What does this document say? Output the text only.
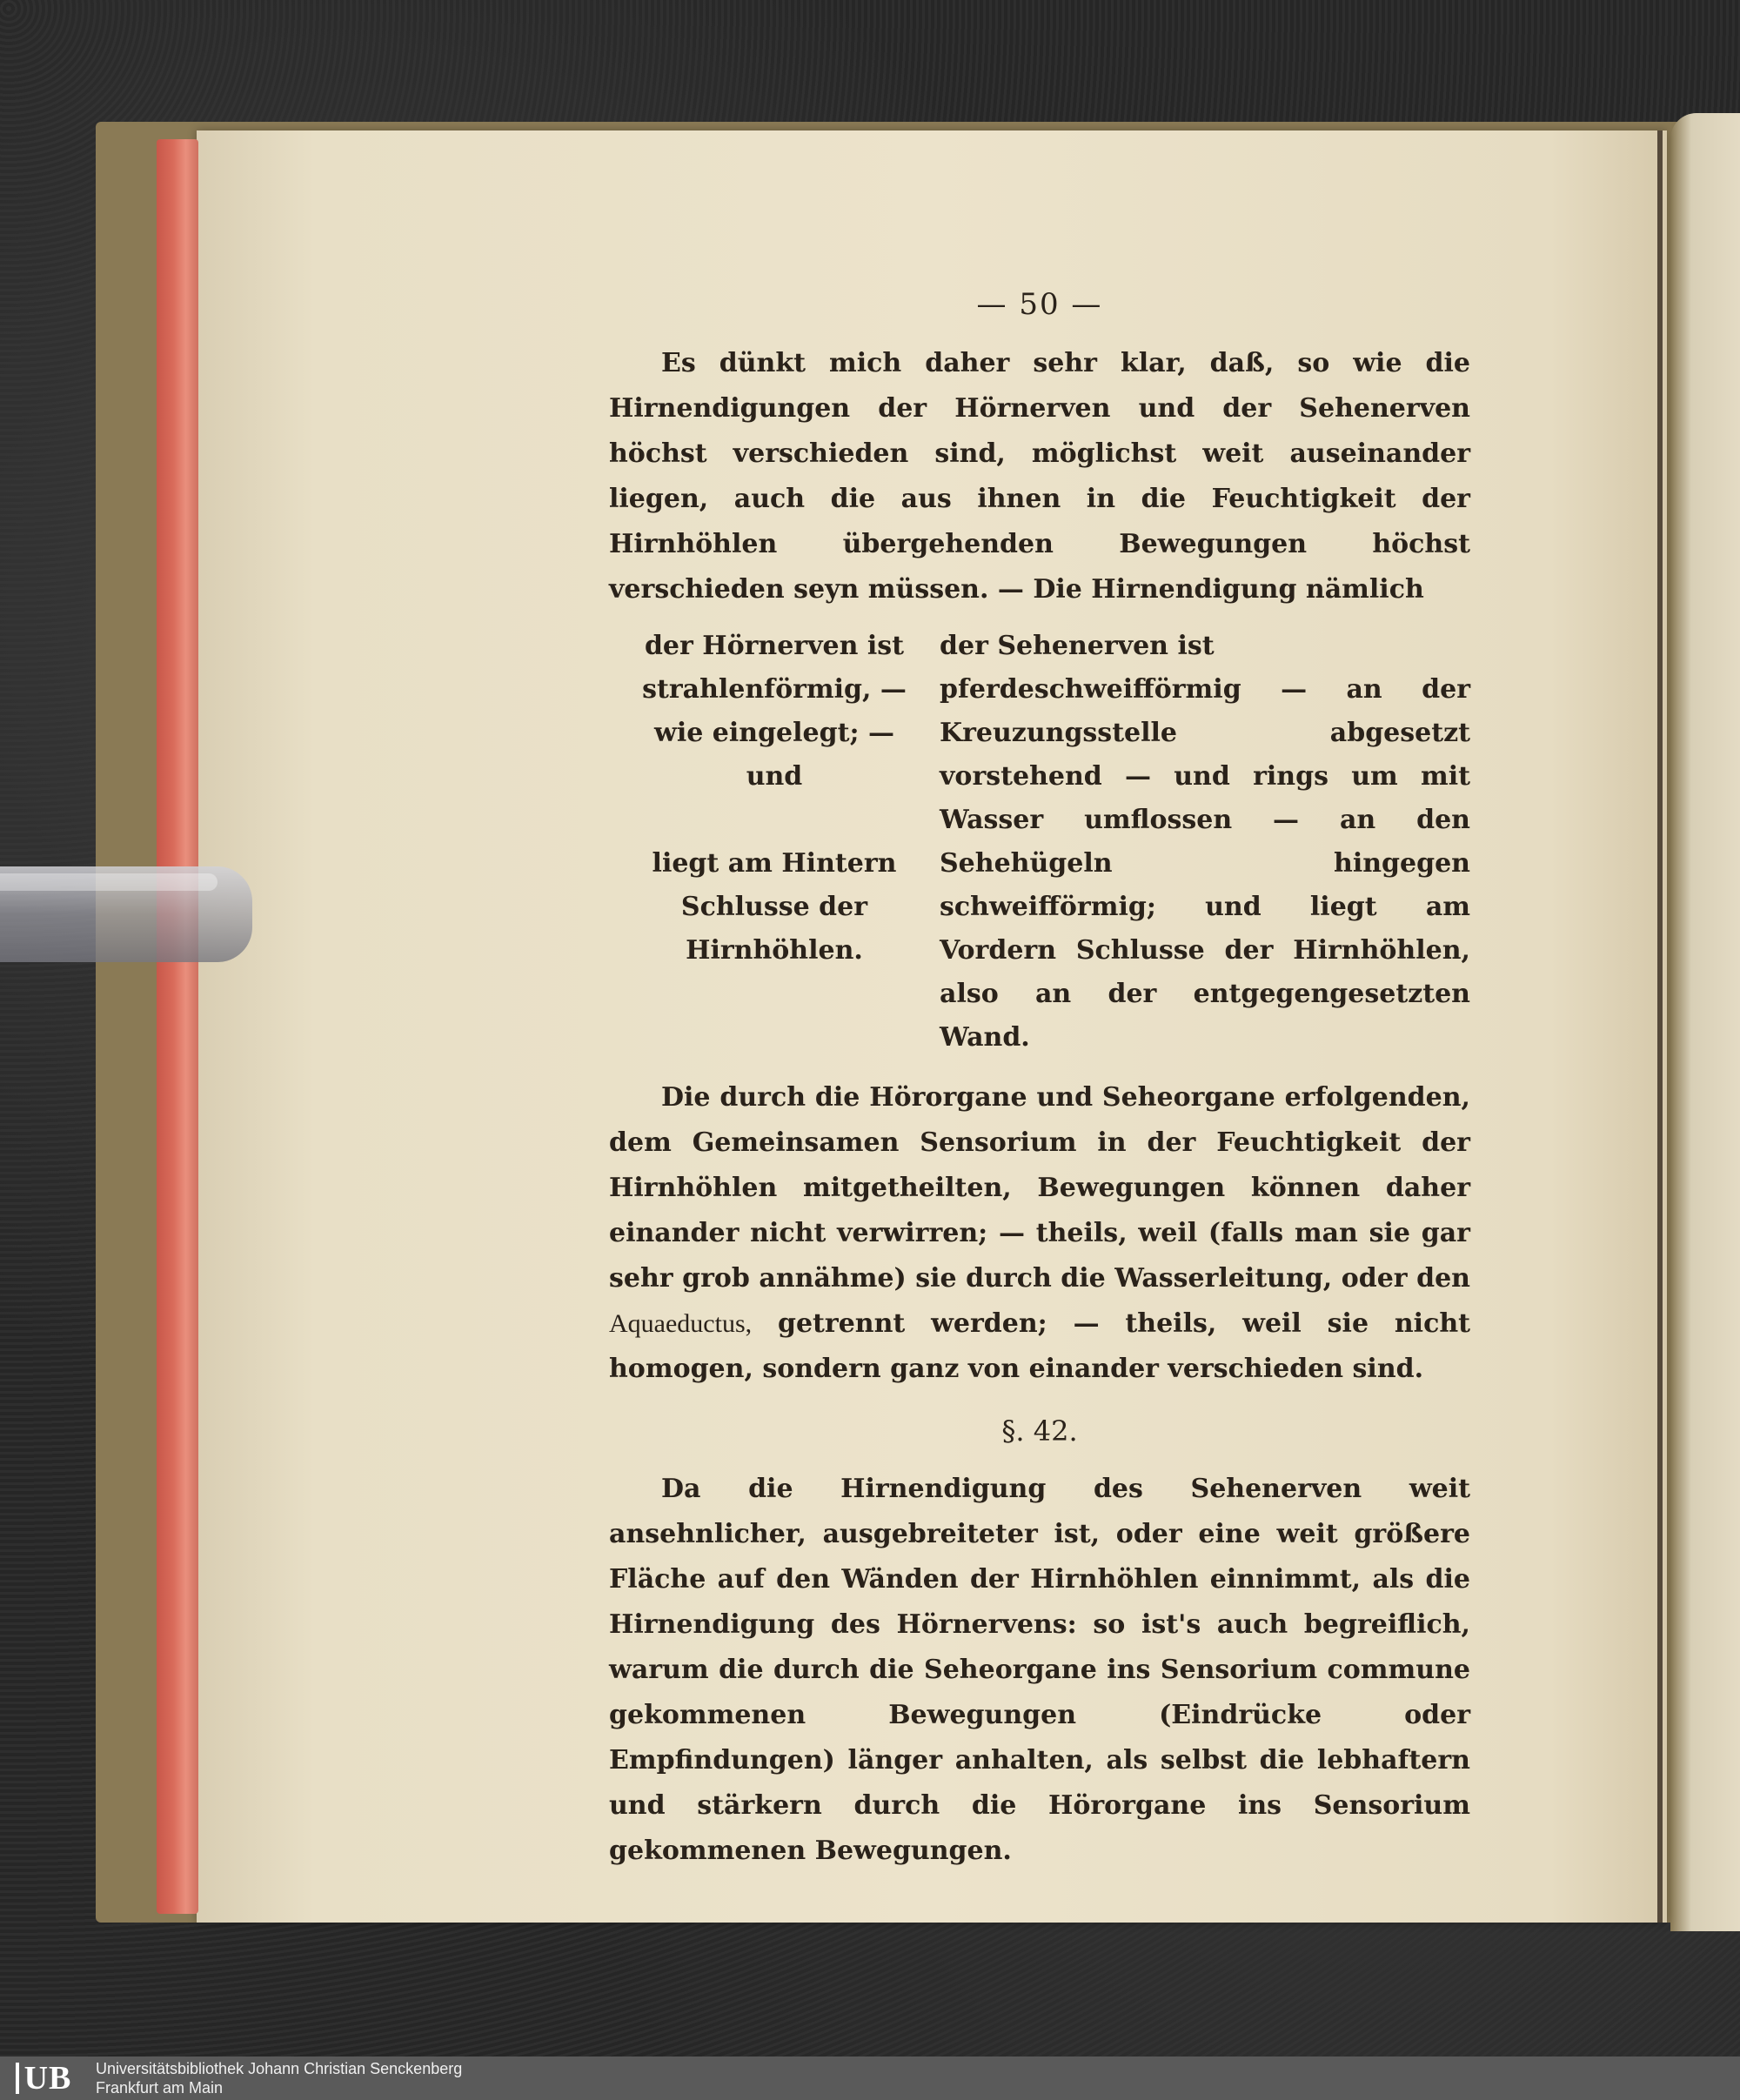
— 50 —

Es dünkt mich daher sehr klar, daß, so wie die Hirnendigungen der Hörnerven und der Sehenerven höchst verschieden sind, möglichst weit auseinander liegen, auch die aus ihnen in die Feuchtigkeit der Hirnhöhlen übergehenden Bewegungen höchst verschieden seyn müssen. — Die Hirnendigung nämlich

der Hörnerven ist
strahlenförmig, —
wie eingelegt; —
und
liegt am Hintern
Schlusse der Hirnhöhlen.
der Sehenerven ist
pferdeschweifförmig — an der Kreuzungsstelle abgesetzt vorstehend — und rings um mit Wasser umflossen — an den Sehehügeln hingegen schweifförmig; und liegt am Vordern Schlusse der Hirnhöhlen, also an der entgegengesetzten Wand.

Die durch die Hörorgane und Seheorgane erfolgenden, dem Gemeinsamen Sensorium in der Feuchtigkeit der Hirnhöhlen mitgetheilten, Bewegungen können daher einander nicht verwirren; — theils, weil (falls man sie gar sehr grob annähme) sie durch die Wasserleitung, oder den Aquaeductus, getrennt werden; — theils, weil sie nicht homogen, sondern ganz von einander verschieden sind.

§. 42.

Da die Hirnendigung des Sehenerven weit ansehnlicher, ausgebreiteter ist, oder eine weit größere Fläche auf den Wänden der Hirnhöhlen einnimmt, als die Hirnendigung des Hörnervens: so ist's auch begreiflich, warum die durch die Seheorgane ins Sensorium commune gekommenen Bewegungen (Eindrücke oder Empfindungen) länger anhalten, als selbst die lebhaftern und stärkern durch die Hörorgane ins Sensorium gekommenen Bewegungen.

UB Universitätsbibliothek Johann Christian Senckenberg
Frankfurt am Main
